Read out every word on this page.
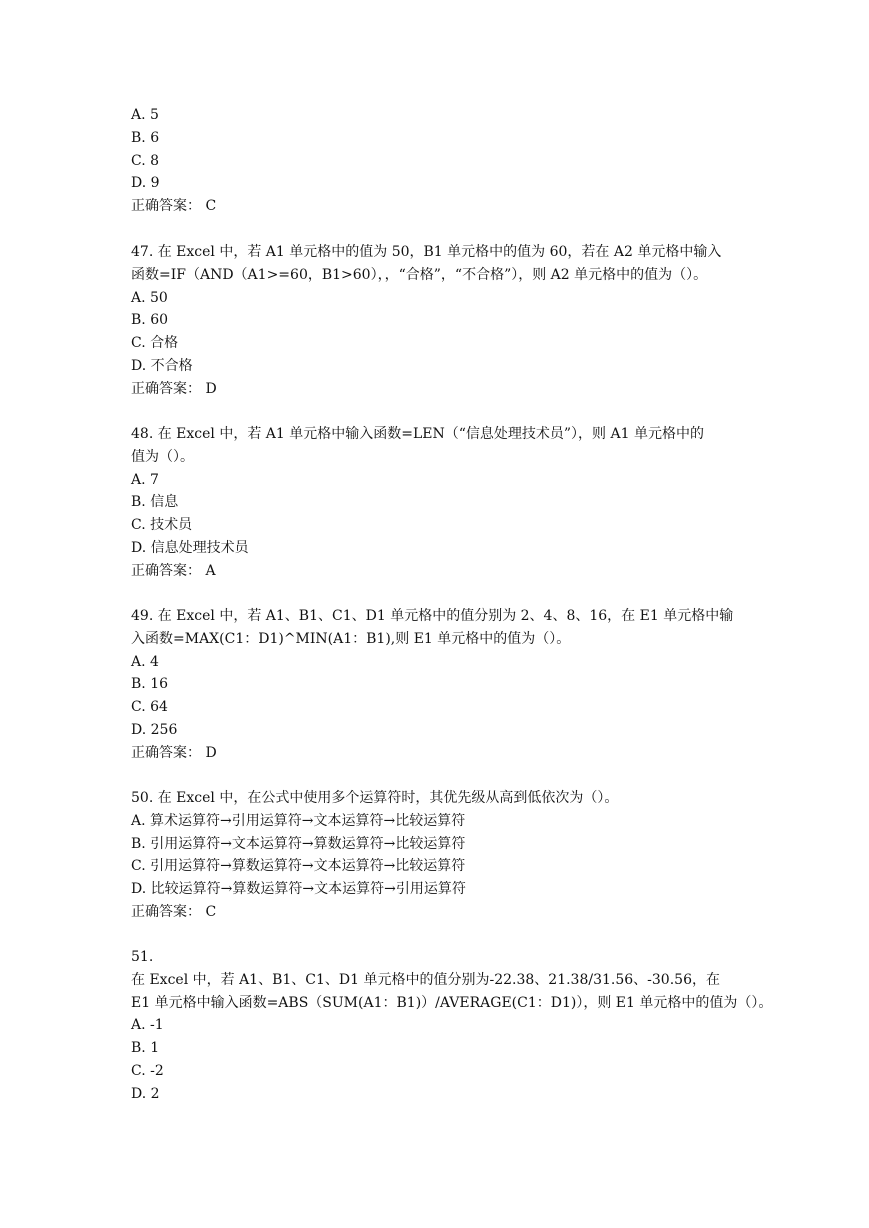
A. 5
B. 6
C. 8
D. 9
正确答案： C
47. 在 Excel 中，若 A1 单元格中的值为 50，B1 单元格中的值为 60，若在 A2 单元格中输入
函数=IF（AND（A1>=60，B1>60），，“合格”，“不合格”），则 A2 单元格中的值为（）。
A. 50
B. 60
C. 合格
D. 不合格
正确答案： D
48. 在 Excel 中，若 A1 单元格中输入函数=LEN（“信息处理技术员”），则 A1 单元格中的
值为（）。
A. 7
B. 信息
C. 技术员
D. 信息处理技术员
正确答案： A
49. 在 Excel 中，若 A1、B1、C1、D1 单元格中的值分别为 2、4、8、16，在 E1 单元格中输
入函数=MAX(C1：D1)^MIN(A1：B1),则 E1 单元格中的值为（）。
A. 4
B. 16
C. 64
D. 256
正确答案： D
50. 在 Excel 中，在公式中使用多个运算符时，其优先级从高到低依次为（）。
A. 算术运算符→引用运算符→文本运算符→比较运算符
B. 引用运算符→文本运算符→算数运算符→比较运算符
C. 引用运算符→算数运算符→文本运算符→比较运算符
D. 比较运算符→算数运算符→文本运算符→引用运算符
正确答案： C
51.
在 Excel 中，若 A1、B1、C1、D1 单元格中的值分别为-22.38、21.38/31.56、-30.56，在
E1 单元格中输入函数=ABS（SUM(A1：B1)）/AVERAGE(C1：D1)），则 E1 单元格中的值为（）。
A. -1
B. 1
C. -2
D. 2
